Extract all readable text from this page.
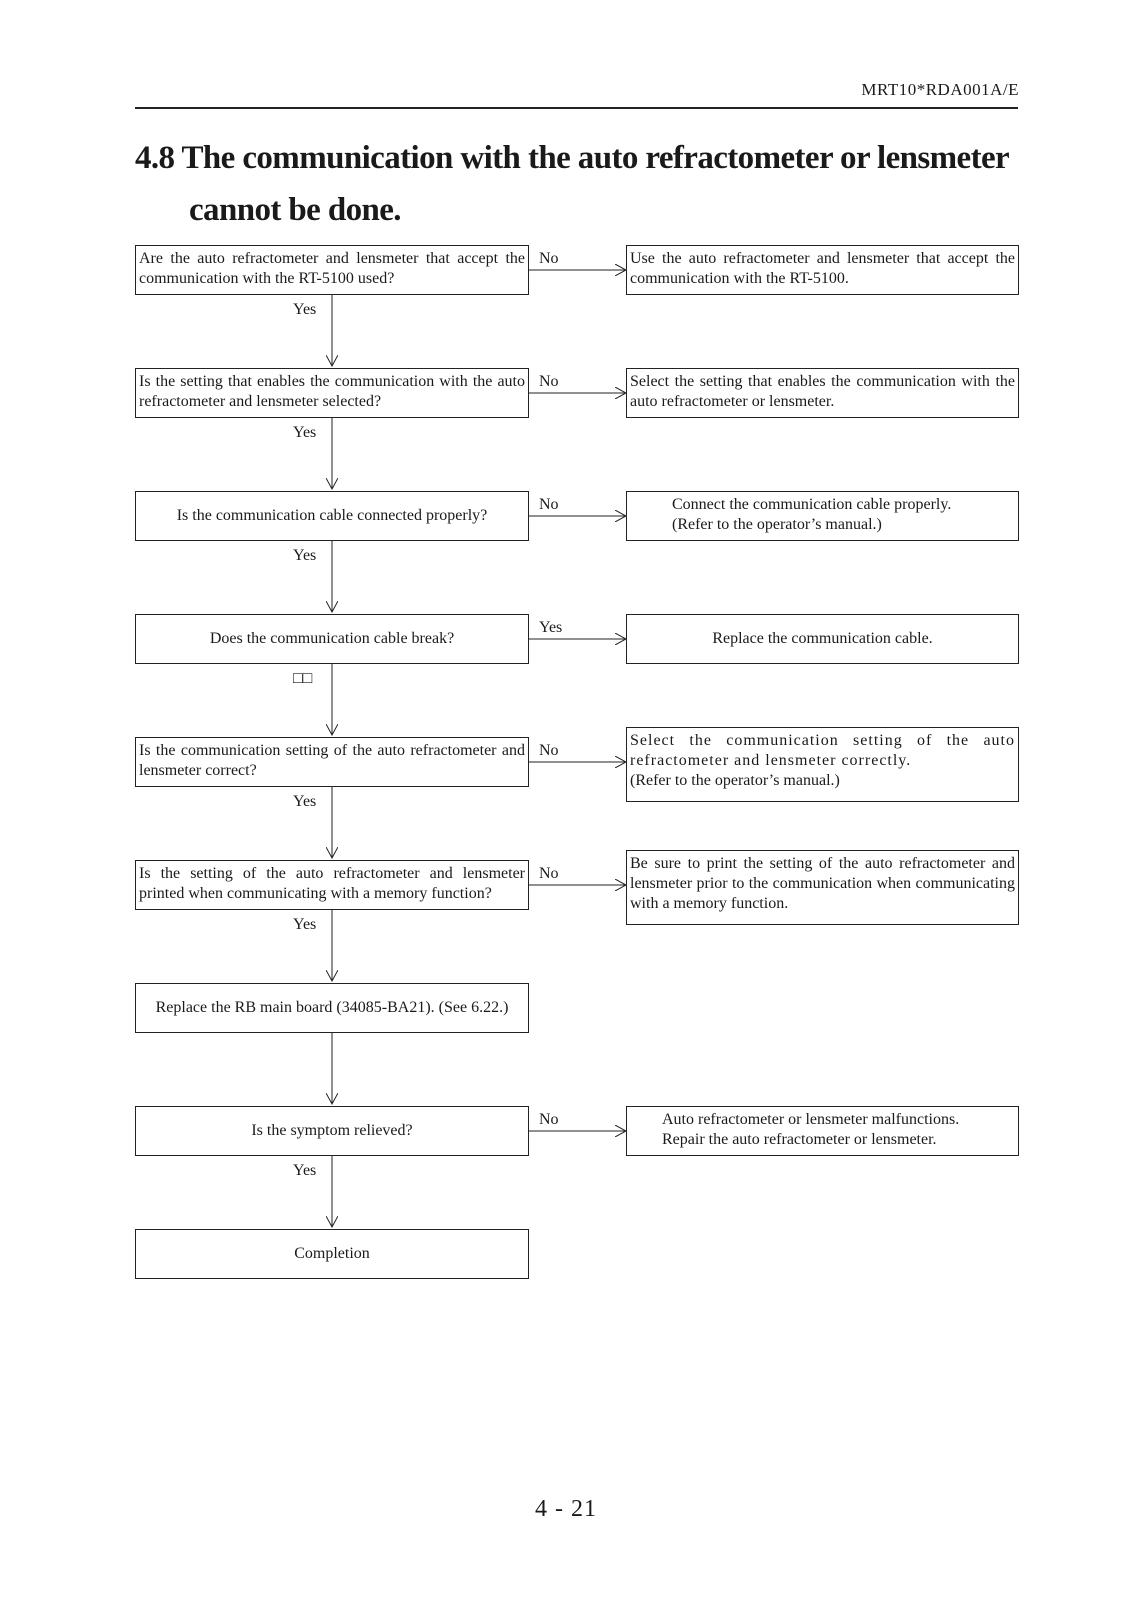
MRT10*RDA001A/E
4.8 The communication with the auto refractometer or lensmeter
cannot be done.
Are the auto refractometer and lensmeter that accept the communication with the RT-5100 used?
No	Use the auto refractometer and lensmeter that accept the communication with the RT-5100.
Yes
Is the setting that enables the communication with the auto refractometer and lensmeter selected?
No	Select the setting that enables the communication with the auto refractometer or lensmeter.
Yes
Is the communication cable connected properly?
No	Connect the communication cable properly.
(Refer to the operator’s manual.)
Yes
Does the communication cable break?
Yes
Replace the communication cable.
□□
Is the communication setting of the auto refractometer and lensmeter correct?
No
Select the communication setting of the auto refractometer and lensmeter correctly.
(Refer to the operator’s manual.)
Yes
Is the setting of the auto refractometer and lensmeter printed when communicating with a memory function?
No
Be sure to print the setting of the auto refractometer and lensmeter prior to the communication when communicating with a memory function.
Yes
Replace the RB main board (34085-BA21). (See 6.22.)
Is the symptom relieved?
No	Auto refractometer or lensmeter malfunctions.
Repair the auto refractometer or lensmeter.
Yes
Completion
4 - 21
